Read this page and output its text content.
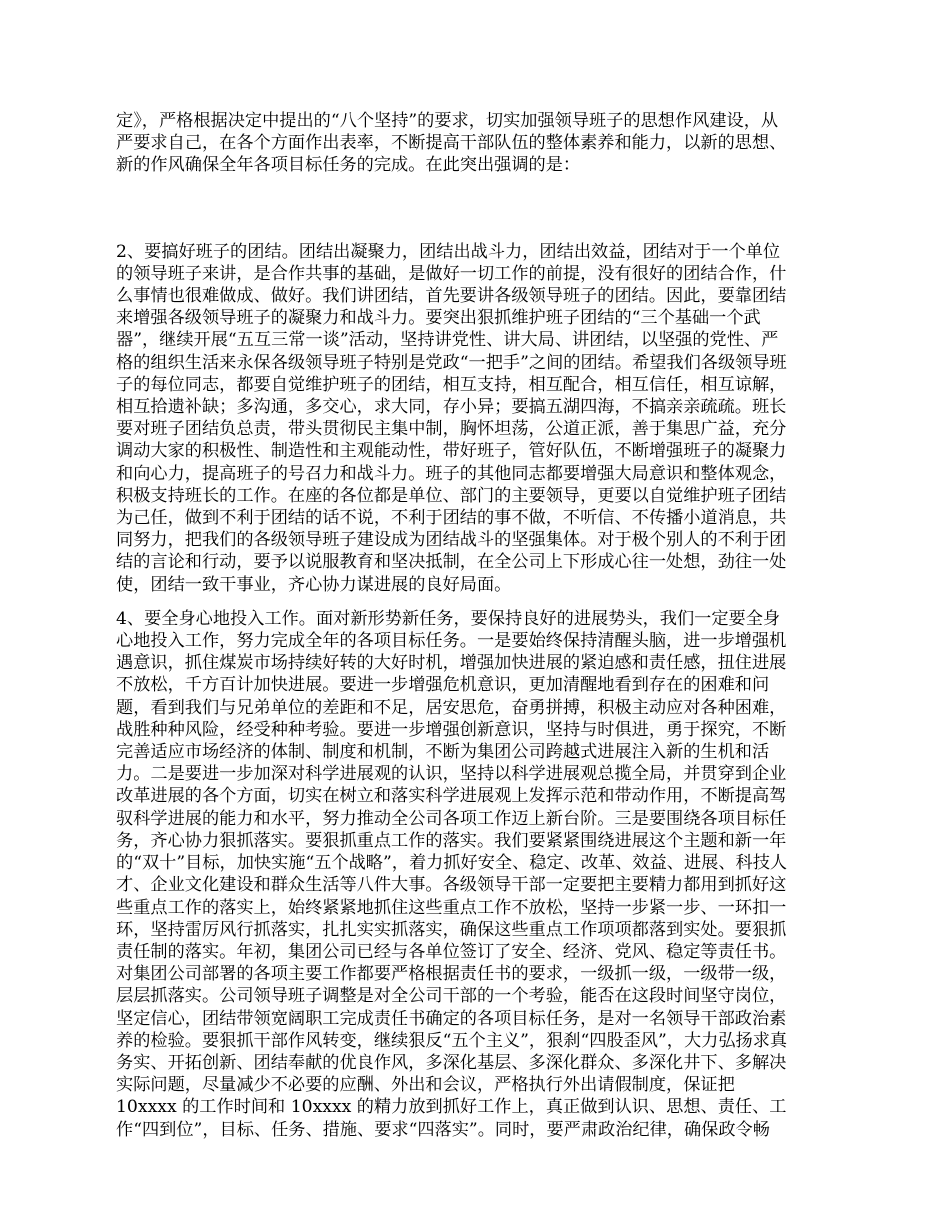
定》，严格根据决定中提出的“八个坚持”的要求，切实加强领导班子的思想作风建设，从
严要求自己，在各个方面作出表率，不断提高干部队伍的整体素养和能力，以新的思想、
新的作风确保全年各项目标任务的完成。在此突出强调的是：

2、要搞好班子的团结。团结出凝聚力，团结出战斗力，团结出效益，团结对于一个单位
的领导班子来讲，是合作共事的基础，是做好一切工作的前提，没有很好的团结合作，什
么事情也很难做成、做好。我们讲团结，首先要讲各级领导班子的团结。因此，要靠团结
来增强各级领导班子的凝聚力和战斗力。要突出狠抓维护班子团结的“三个基础一个武
器”，继续开展“五互三常一谈”活动，坚持讲党性、讲大局、讲团结，以坚强的党性、严
格的组织生活来永保各级领导班子特别是党政“一把手”之间的团结。希望我们各级领导班
子的每位同志，都要自觉维护班子的团结，相互支持，相互配合，相互信任，相互谅解，
相互拾遗补缺；多沟通，多交心，求大同，存小异；要搞五湖四海，不搞亲亲疏疏。班长
要对班子团结负总责，带头贯彻民主集中制，胸怀坦荡，公道正派，善于集思广益，充分
调动大家的积极性、制造性和主观能动性，带好班子，管好队伍，不断增强班子的凝聚力
和向心力，提高班子的号召力和战斗力。班子的其他同志都要增强大局意识和整体观念，
积极支持班长的工作。在座的各位都是单位、部门的主要领导，更要以自觉维护班子团结
为己任，做到不利于团结的话不说，不利于团结的事不做，不听信、不传播小道消息，共
同努力，把我们的各级领导班子建设成为团结战斗的坚强集体。对于极个别人的不利于团
结的言论和行动，要予以说服教育和坚决抵制，在全公司上下形成心往一处想，劲往一处
使，团结一致干事业，齐心协力谋进展的良好局面。

4、要全身心地投入工作。面对新形势新任务，要保持良好的进展势头，我们一定要全身
心地投入工作，努力完成全年的各项目标任务。一是要始终保持清醒头脑，进一步增强机
遇意识，抓住煤炭市场持续好转的大好时机，增强加快进展的紧迫感和责任感，扭住进展
不放松，千方百计加快进展。要进一步增强危机意识，更加清醒地看到存在的困难和问
题，看到我们与兄弟单位的差距和不足，居安思危，奋勇拼搏，积极主动应对各种困难，
战胜种种风险，经受种种考验。要进一步增强创新意识，坚持与时俱进，勇于探究，不断
完善适应市场经济的体制、制度和机制，不断为集团公司跨越式进展注入新的生机和活
力。二是要进一步加深对科学进展观的认识，坚持以科学进展观总揽全局，并贯穿到企业
改革进展的各个方面，切实在树立和落实科学进展观上发挥示范和带动作用，不断提高驾
驭科学进展的能力和水平，努力推动全公司各项工作迈上新台阶。三是要围绕各项目标任
务，齐心协力狠抓落实。要狠抓重点工作的落实。我们要紧紧围绕进展这个主题和新一年
的“双十”目标，加快实施“五个战略”，着力抓好安全、稳定、改革、效益、进展、科技人
才、企业文化建设和群众生活等八件大事。各级领导干部一定要把主要精力都用到抓好这
些重点工作的落实上，始终紧紧地抓住这些重点工作不放松，坚持一步紧一步、一环扣一
环，坚持雷厉风行抓落实，扎扎实实抓落实，确保这些重点工作项项都落到实处。要狠抓
责任制的落实。年初，集团公司已经与各单位签订了安全、经济、党风、稳定等责任书。
对集团公司部署的各项主要工作都要严格根据责任书的要求，一级抓一级，一级带一级，
层层抓落实。公司领导班子调整是对全公司干部的一个考验，能否在这段时间坚守岗位，
坚定信心，团结带领宽阔职工完成责任书确定的各项目标任务，是对一名领导干部政治素
养的检验。要狠抓干部作风转变，继续狠反“五个主义”，狠刹“四股歪风”，大力弘扬求真
务实、开拓创新、团结奉献的优良作风，多深化基层、多深化群众、多深化井下、多解决
实际问题，尽量减少不必要的应酬、外出和会议，严格执行外出请假制度，保证把
10xxxx 的工作时间和 10xxxx 的精力放到抓好工作上，真正做到认识、思想、责任、工
作“四到位”，目标、任务、措施、要求“四落实”。同时，要严肃政治纪律，确保政令畅
